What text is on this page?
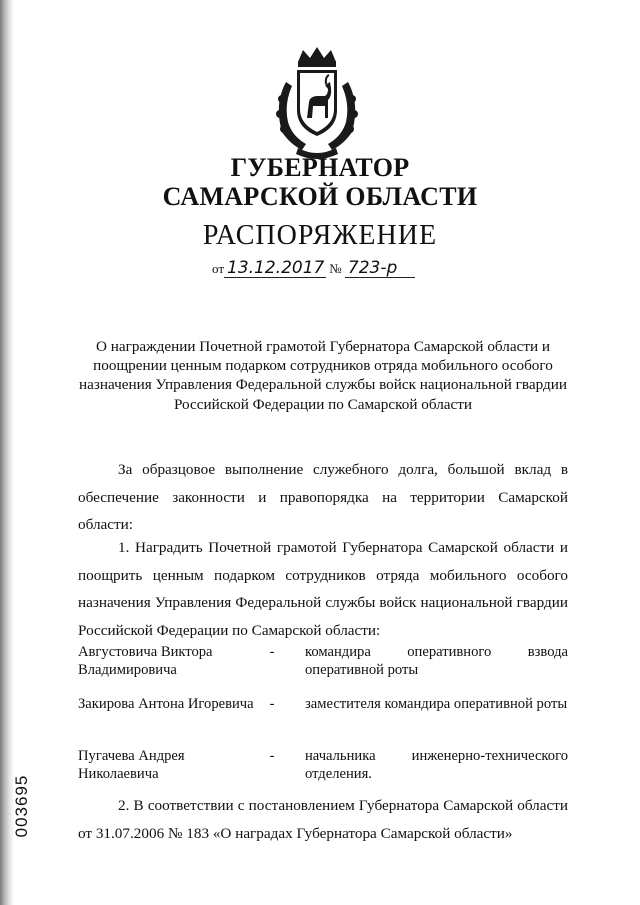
ГУБЕРНАТОР
САМАРСКОЙ ОБЛАСТИ
РАСПОРЯЖЕНИЕ
от 13.12.2017 № 723-р
О награждении Почетной грамотой Губернатора Самарской области и поощрении ценным подарком сотрудников отряда мобильного особого назначения Управления Федеральной службы войск национальной гвардии Российской Федерации по Самарской области
За образцовое выполнение служебного долга, большой вклад в обеспечение законности и правопорядка на территории Самарской области:
1. Наградить Почетной грамотой Губернатора Самарской области и поощрить ценным подарком сотрудников отряда мобильного особого назначения Управления Федеральной службы войск национальной гвардии Российской Федерации по Самарской области:
Августовича Виктора Владимировича
- командира оперативного взвода оперативной роты
Закирова Антона Игоревича - заместителя командира оперативной роты
Пугачева Андрея Николаевича
- начальника инженерно-технического отделения.
2. В соответствии с постановлением Губернатора Самарской области от 31.07.2006 № 183 «О наградах Губернатора Самарской области»
003695
